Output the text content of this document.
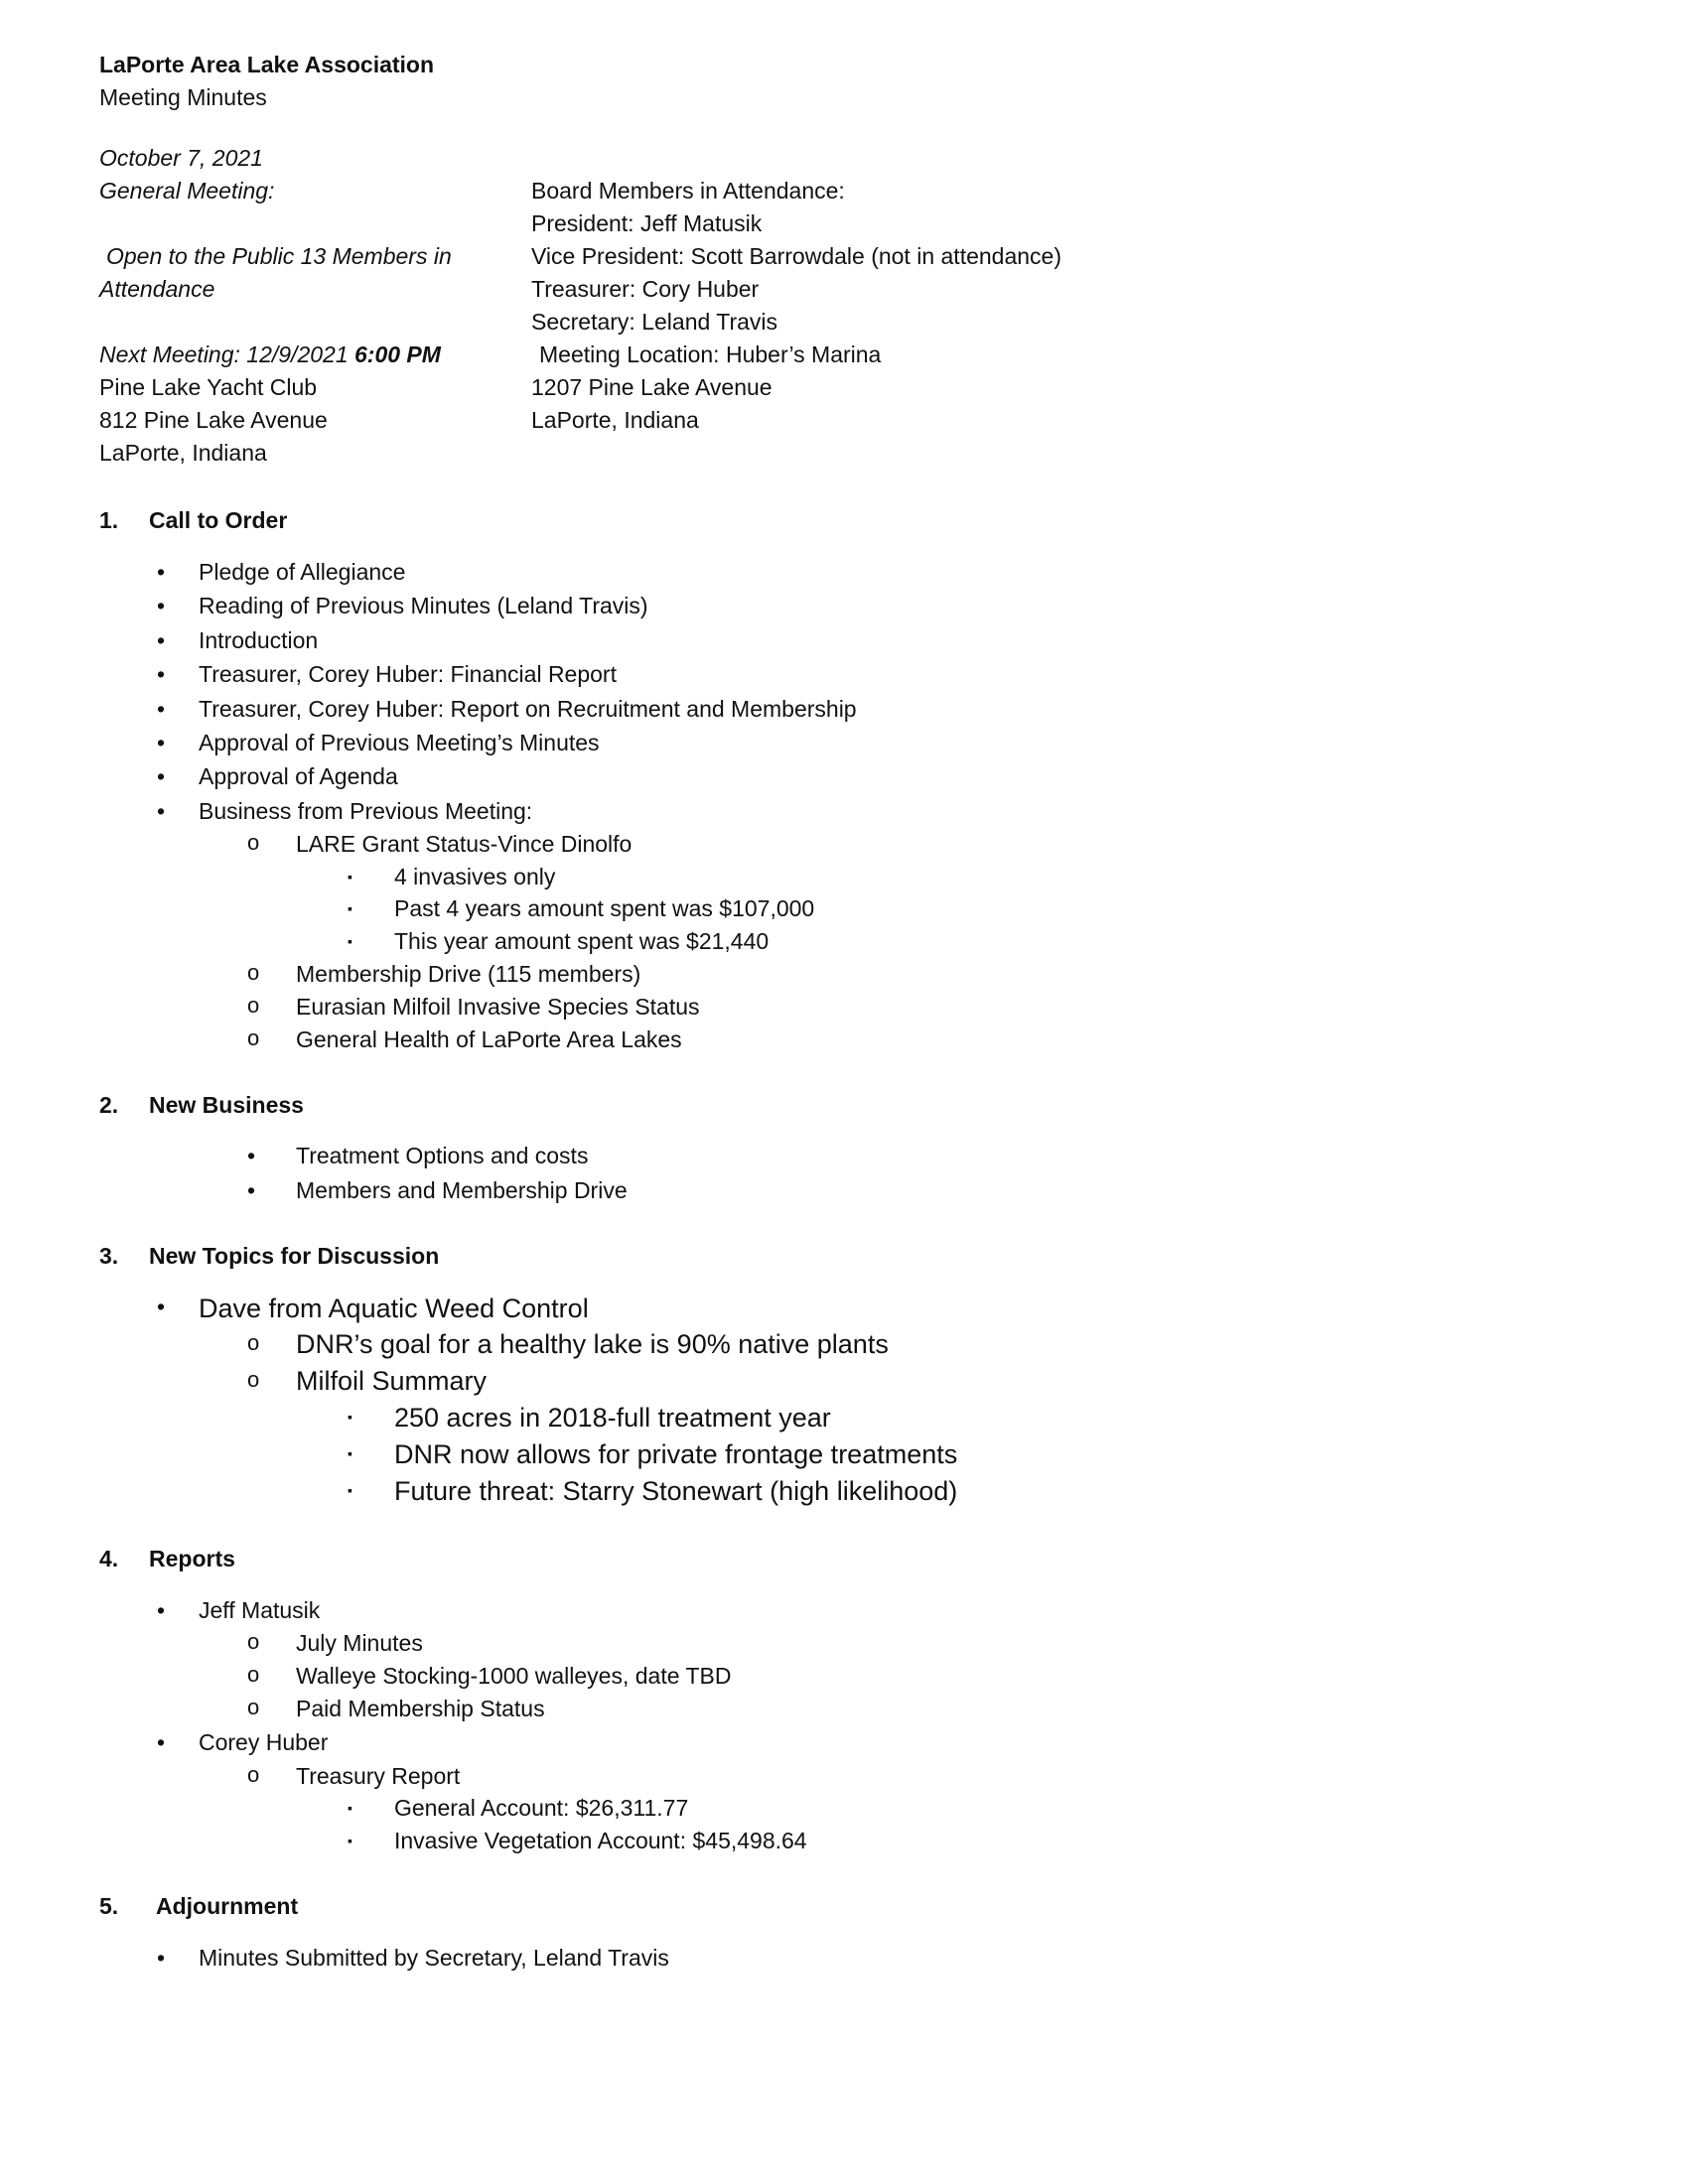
LaPorte Area Lake Association
Meeting Minutes
October 7, 2021
General Meeting:
Open to the Public 13 Members in
Attendance
Next Meeting: 12/9/2021 6:00 PM
Pine Lake Yacht Club
812 Pine Lake Avenue
LaPorte, Indiana
Board Members in Attendance:
President: Jeff Matusik
Vice President: Scott Barrowdale (not in attendance)
Treasurer: Cory Huber
Secretary: Leland Travis
Meeting Location: Huber’s Marina
1207 Pine Lake Avenue
LaPorte, Indiana
1. Call to Order
• Pledge of Allegiance
• Reading of Previous Minutes (Leland Travis)
• Introduction
• Treasurer, Corey Huber: Financial Report
• Treasurer, Corey Huber: Report on Recruitment and Membership
• Approval of Previous Meeting’s Minutes
• Approval of Agenda
• Business from Previous Meeting:
o LARE Grant Status-Vince Dinolfo
▪ 4 invasives only
▪ Past 4 years amount spent was $107,000
▪ This year amount spent was $21,440
o Membership Drive (115 members)
o Eurasian Milfoil Invasive Species Status
o General Health of LaPorte Area Lakes
2. New Business
• Treatment Options and costs
• Members and Membership Drive
3. New Topics for Discussion
• Dave from Aquatic Weed Control
o DNR’s goal for a healthy lake is 90% native plants
o Milfoil Summary
▪ 250 acres in 2018-full treatment year
▪ DNR now allows for private frontage treatments
▪ Future threat: Starry Stonewart (high likelihood)
4. Reports
• Jeff Matusik
o July Minutes
o Walleye Stocking-1000 walleyes, date TBD
o Paid Membership Status
• Corey Huber
o Treasury Report
▪ General Account: $26,311.77
▪ Invasive Vegetation Account: $45,498.64
5. Adjournment
• Minutes Submitted by Secretary, Leland Travis
